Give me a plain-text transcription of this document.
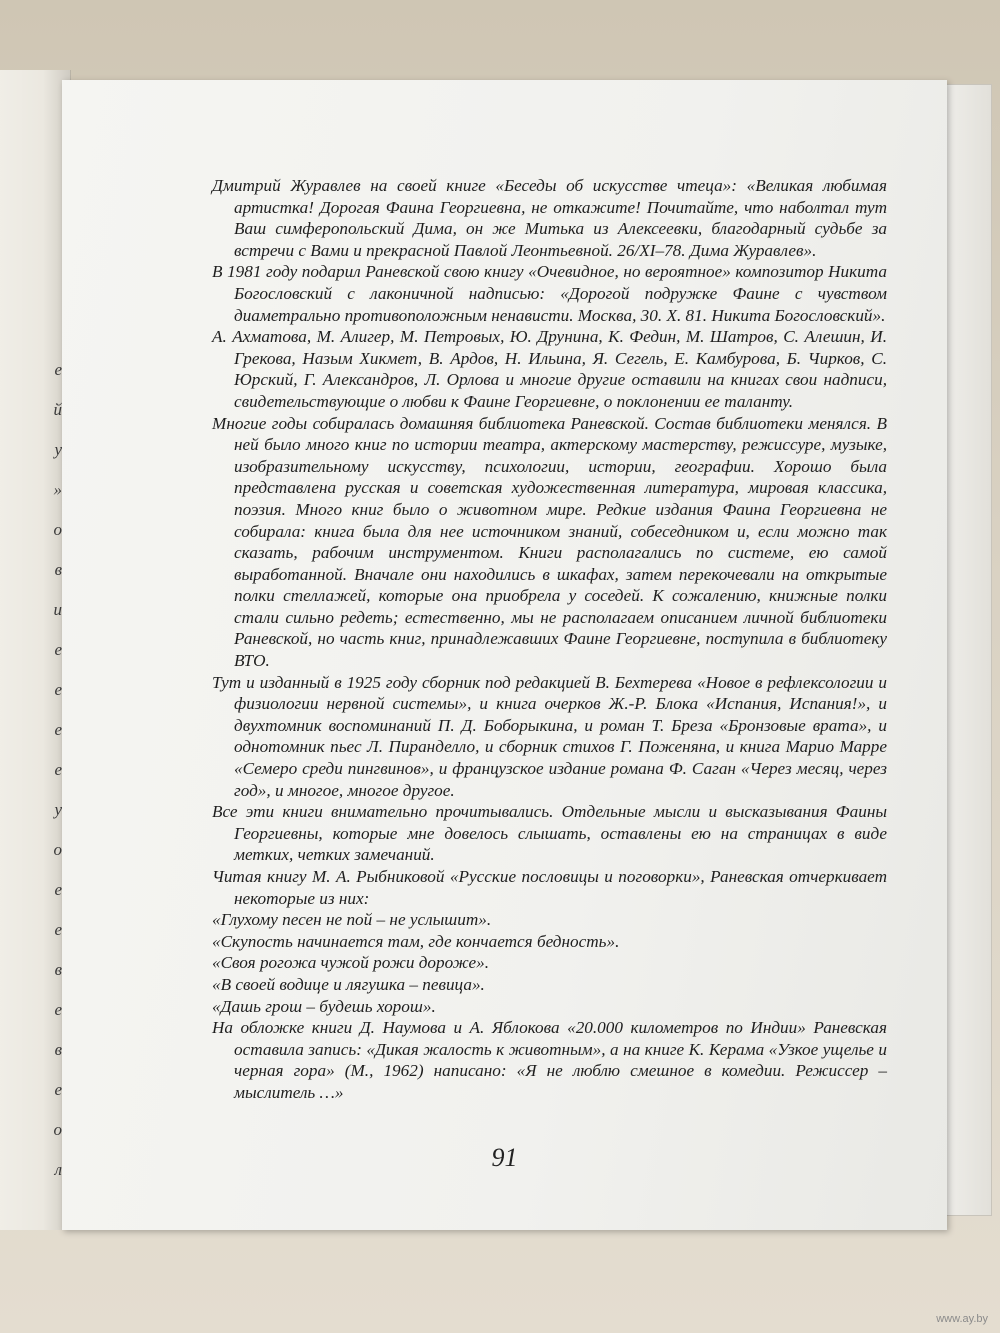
е
й
у
»
о
в
и
е
е
е
е
у
о
е
е
в
е
в
е
о
л

Дмитрий Журавлев на своей книге «Беседы об искусстве чтеца»: «Великая любимая артистка! Дорогая Фаина Георгиевна, не откажите! Почитайте, что наболтал тут Ваш симферопольский Дима, он же Митька из Алексеевки, благодарный судьбе за встречи с Вами и прекрасной Павлой Леонтьевной. 26/XI–78. Дима Журавлев».

В 1981 году подарил Раневской свою книгу «Очевидное, но вероятное» композитор Никита Богословский с лаконичной надписью: «Дорогой подружке Фаине с чувством диаметрально противоположным ненависти. Москва, 30. X. 81. Никита Богословский».

А. Ахматова, М. Алигер, М. Петровых, Ю. Друнина, К. Федин, М. Шатров, С. Алешин, И. Грекова, Назым Хикмет, В. Ардов, Н. Ильина, Я. Сегель, Е. Камбурова, Б. Чирков, С. Юрский, Г. Александров, Л. Орлова и многие другие оставили на книгах свои надписи, свидетельствующие о любви к Фаине Георгиевне, о поклонении ее таланту.

Многие годы собиралась домашняя библиотека Раневской. Состав библиотеки менялся. В ней было много книг по истории театра, актерскому мастерству, режиссуре, музыке, изобразительному искусству, психологии, истории, географии. Хорошо была представлена русская и советская художественная литература, мировая классика, поэзия. Много книг было о животном мире. Редкие издания Фаина Георгиевна не собирала: книга была для нее источником знаний, собеседником и, если можно так сказать, рабочим инструментом. Книги располагались по системе, ею самой выработанной. Вначале они находились в шкафах, затем перекочевали на открытые полки стеллажей, которые она приобрела у соседей. К сожалению, книжные полки стали сильно редеть; естественно, мы не располагаем описанием личной библиотеки Раневской, но часть книг, принадлежавших Фаине Георгиевне, поступила в библиотеку ВТО.

Тут и изданный в 1925 году сборник под редакцией В. Бехтерева «Новое в рефлексологии и физиологии нервной системы», и книга очерков Ж.-Р. Блока «Испания, Испания!», и двухтомник воспоминаний П. Д. Боборыкина, и роман Т. Бреза «Бронзовые врата», и однотомник пьес Л. Пиранделло, и сборник стихов Г. Поженяна, и книга Марио Марре «Семеро среди пингвинов», и французское издание романа Ф. Саган «Через месяц, через год», и многое, многое другое.

Все эти книги внимательно прочитывались. Отдельные мысли и высказывания Фаины Георгиевны, которые мне довелось слышать, оставлены ею на страницах в виде метких, четких замечаний.

Читая книгу М. А. Рыбниковой «Русские пословицы и поговорки», Раневская отчеркивает некоторые из них:

«Глухому песен не пой – не услышит».

«Скупость начинается там, где кончается бедность».

«Своя рогожа чужой рожи дороже».

«В своей водице и лягушка – певица».

«Дашь грош – будешь хорош».

На обложке книги Д. Наумова и А. Яблокова «20.000 километров по Индии» Раневская оставила запись: «Дикая жалость к животным», а на книге К. Керама «Узкое ущелье и черная гора» (М., 1962) написано: «Я не люблю смешное в комедии. Режиссер – мыслитель …»

91
www.ay.by
